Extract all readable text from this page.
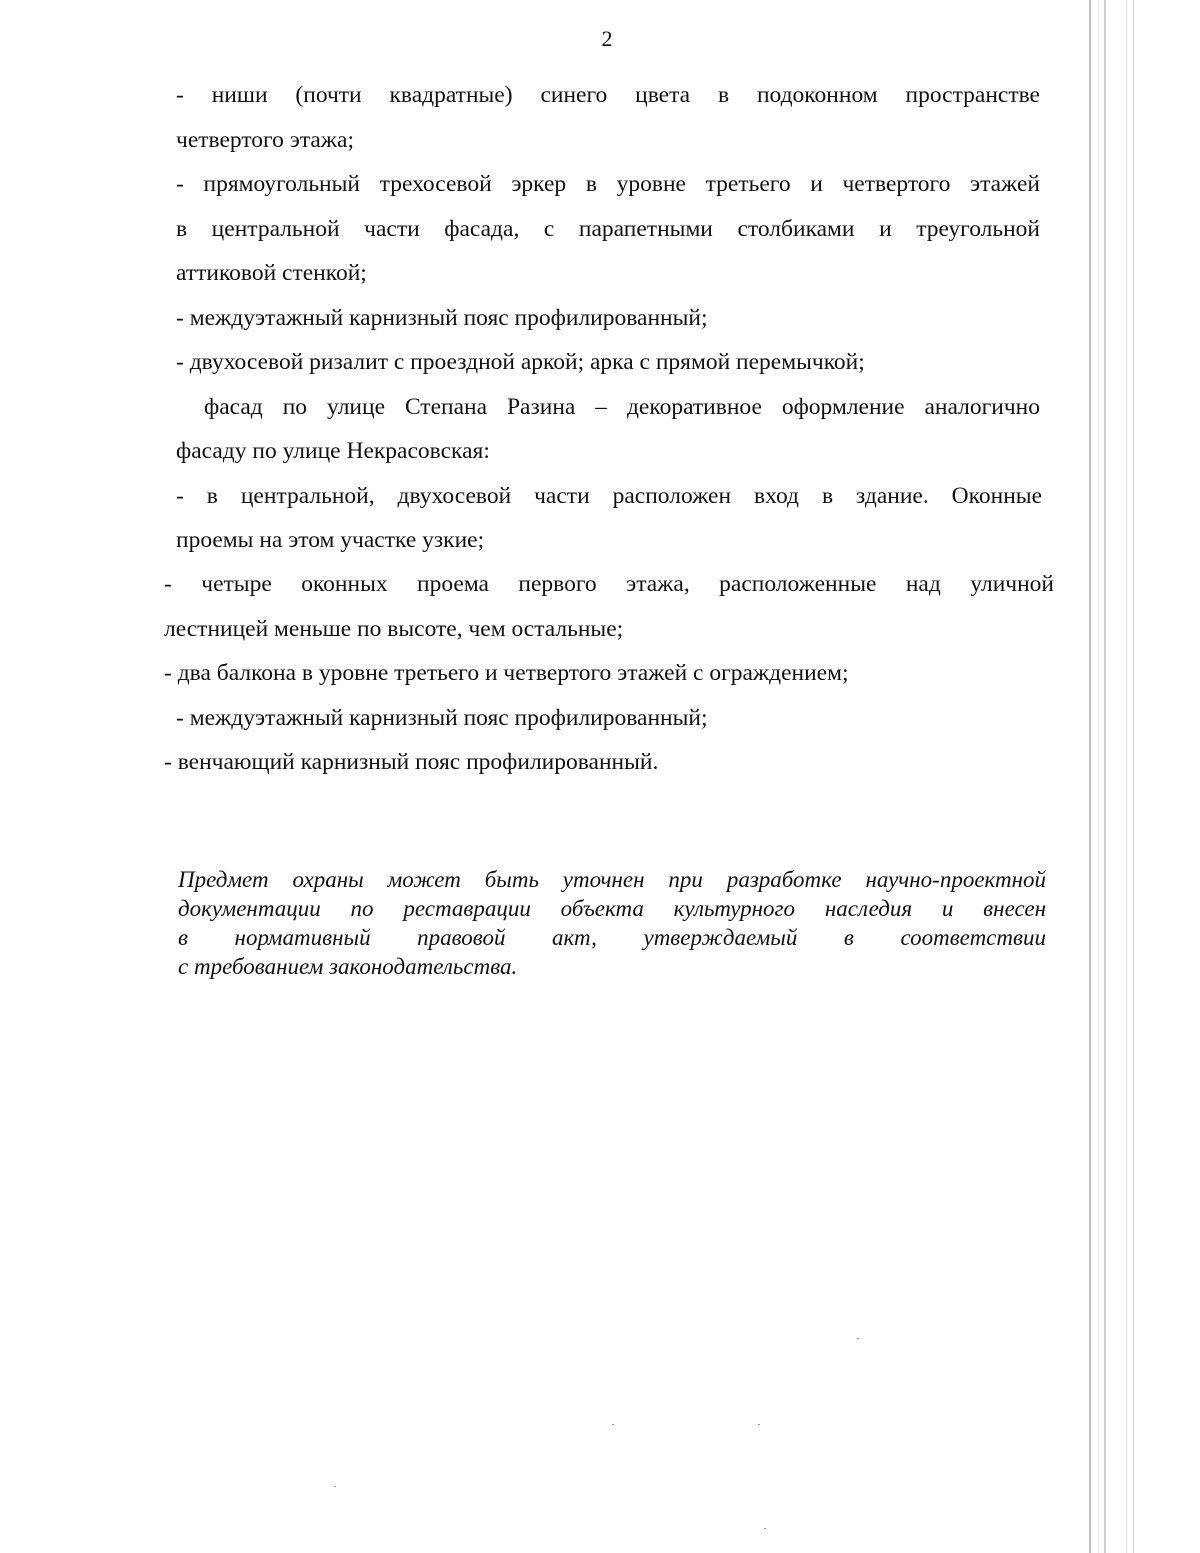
2
- ниши (почти квадратные) синего цвета в подоконном пространстве
четвертого этажа;
- прямоугольный трехосевой эркер в уровне третьего и четвертого этажей
в центральной части фасада, с парапетными столбиками и треугольной
аттиковой стенкой;
- междуэтажный карнизный пояс профилированный;
- двухосевой ризалит с проездной аркой; арка с прямой перемычкой;
фасад по улице Степана Разина – декоративное оформление аналогично
фасаду по улице Некрасовская:
- в центральной, двухосевой части расположен вход в здание. Оконные
проемы на этом участке узкие;
- четыре оконных проема первого этажа, расположенные над уличной
лестницей меньше по высоте, чем остальные;
- два балкона в уровне третьего и четвертого этажей с ограждением;
- междуэтажный карнизный пояс профилированный;
- венчающий карнизный пояс профилированный.
Предмет охраны может быть уточнен при разработке научно-проектной
документации по реставрации объекта культурного наследия и внесен
в нормативный правовой акт, утверждаемый в соответствии
с требованием законодательства.
